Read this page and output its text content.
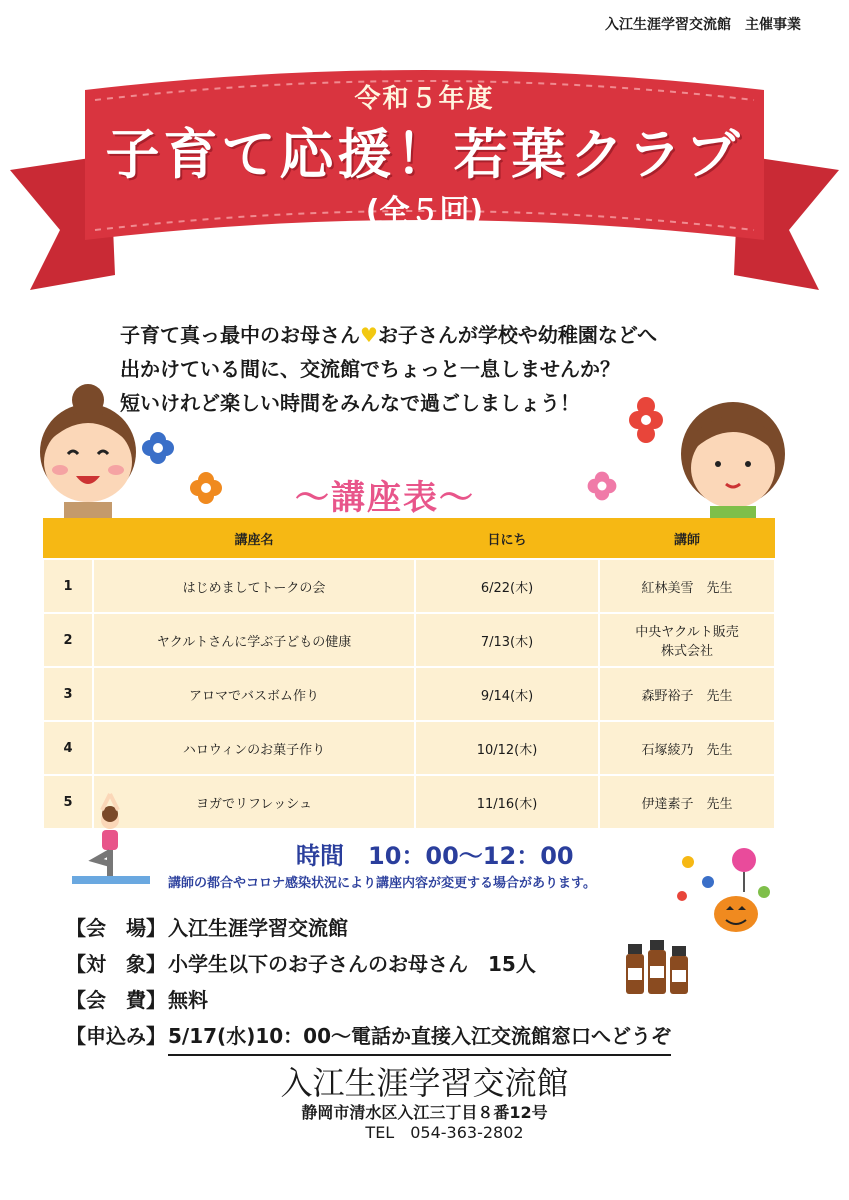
入江生涯学習交流館　主催事業
令和５年度
子育て応援！若葉クラブ
(全５回)
子育て真っ最中のお母さん♥お子さんが学校や幼稚園などへ
出かけている間に、交流館でちょっと一息しませんか？
短いけれど楽しい時間をみんなで過ごしましょう！
〜講座表〜
	講座名	日にち	講師
1	はじめましてトークの会	6/22(木)	紅林美雪　先生
2	ヤクルトさんに学ぶ子どもの健康	7/13(木)	中央ヤクルト販売
株式会社
3	アロマでバスボム作り	9/14(木)	森野裕子　先生
4	ハロウィンのお菓子作り	10/12(木)	石塚綾乃　先生
5	ヨガでリフレッシュ	11/16(木)	伊達素子　先生
時間　10：00〜12：00
講師の都合やコロナ感染状況により講座内容が変更する場合があります。
【会　場】 入江生涯学習交流館
【対　象】 小学生以下のお子さんのお母さん　15人
【会　費】 無料
【申込み】 5/17(水)10：00〜電話か直接入江交流館窓口へどうぞ
入江生涯学習交流館
静岡市清水区入江三丁目８番12号
TEL　054-363-2802
